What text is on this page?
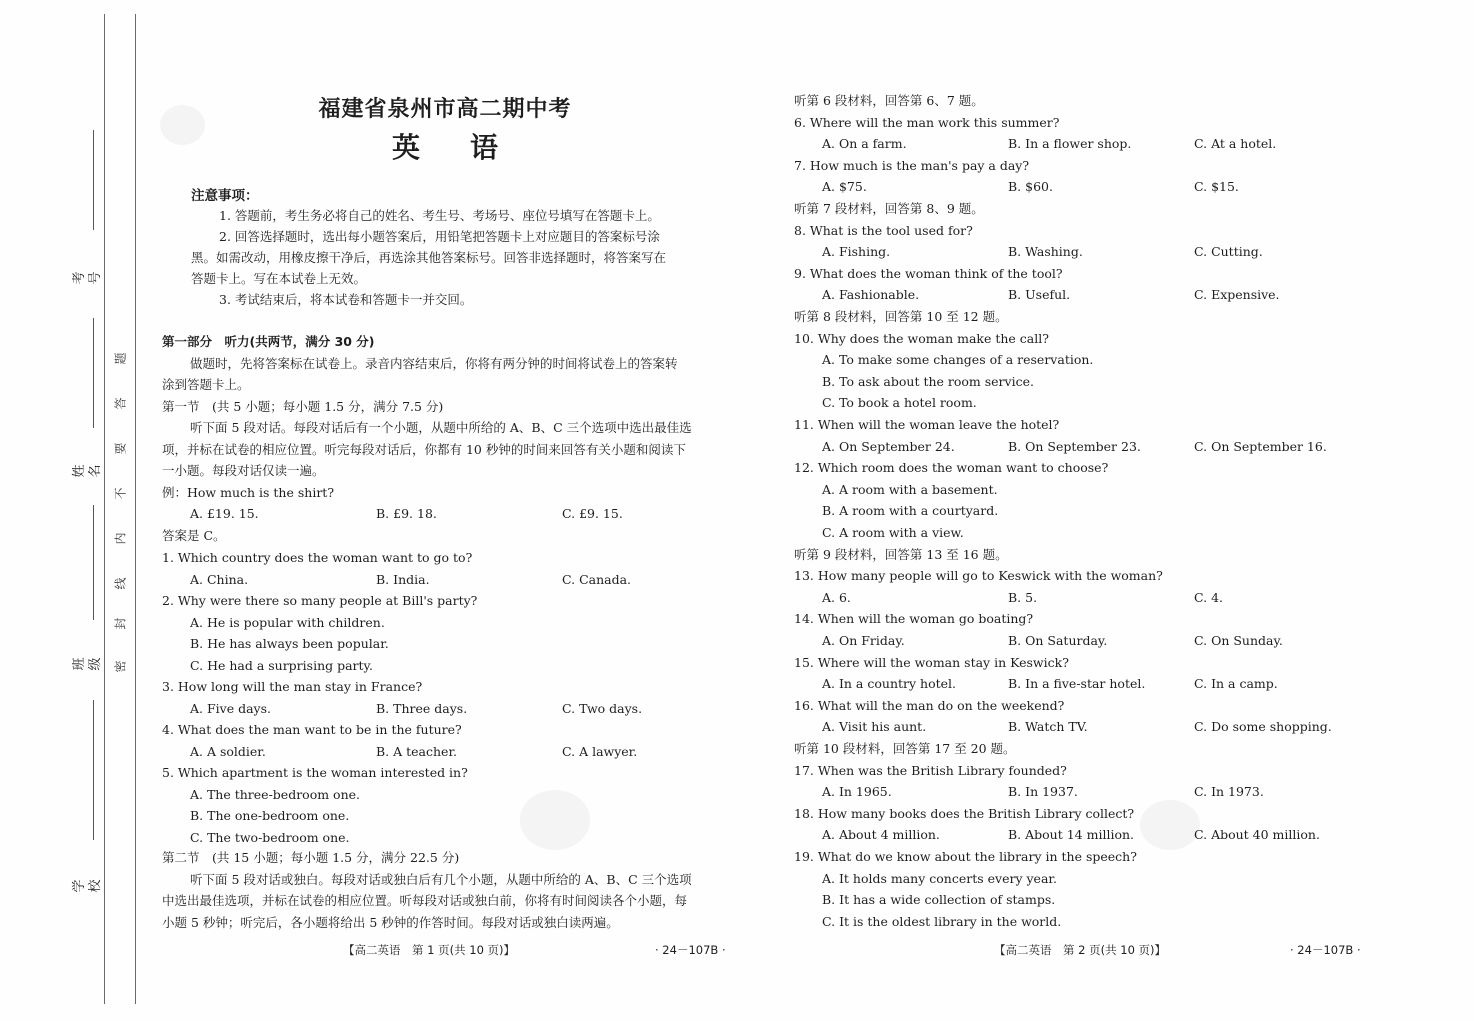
考号
姓名
班级
学校
题
答
要
不
内
线
封
密
福建省泉州市高二期中考
英语
注意事项：
1. 答题前，考生务必将自己的姓名、考生号、考场号、座位号填写在答题卡上。
2. 回答选择题时，选出每小题答案后，用铅笔把答题卡上对应题目的答案标号涂
黑。如需改动，用橡皮擦干净后，再选涂其他答案标号。回答非选择题时，将答案写在
答题卡上。写在本试卷上无效。
3. 考试结束后，将本试卷和答题卡一并交回。
第一部分　听力(共两节，满分 30 分)
做题时，先将答案标在试卷上。录音内容结束后，你将有两分钟的时间将试卷上的答案转
涂到答题卡上。
第一节　(共 5 小题；每小题 1.5 分，满分 7.5 分)
听下面 5 段对话。每段对话后有一个小题，从题中所给的 A、B、C 三个选项中选出最佳选
项，并标在试卷的相应位置。听完每段对话后，你都有 10 秒钟的时间来回答有关小题和阅读下
一小题。每段对话仅读一遍。
例：How much is the shirt?
A. £19. 15.	B. £9. 18.	C. £9. 15.
答案是 C。
1. Which country does the woman want to go to?
A. China.	B. India.	C. Canada.
2. Why were there so many people at Bill's party?
A. He is popular with children.
B. He has always been popular.
C. He had a surprising party.
3. How long will the man stay in France?
A. Five days.	B. Three days.	C. Two days.
4. What does the man want to be in the future?
A. A soldier.	B. A teacher.	C. A lawyer.
5. Which apartment is the woman interested in?
A. The three-bedroom one.
B. The one-bedroom one.
C. The two-bedroom one.
第二节　(共 15 小题；每小题 1.5 分，满分 22.5 分)
听下面 5 段对话或独白。每段对话或独白后有几个小题，从题中所给的 A、B、C 三个选项
中选出最佳选项，并标在试卷的相应位置。听每段对话或独白前，你将有时间阅读各个小题，每
小题 5 秒钟；听完后，各小题将给出 5 秒钟的作答时间。每段对话或独白读两遍。
听第 6 段材料，回答第 6、7 题。
6. Where will the man work this summer?
A. On a farm.	B. In a flower shop.	C. At a hotel.
7. How much is the man's pay a day?
A. $75.	B. $60.	C. $15.
听第 7 段材料，回答第 8、9 题。
8. What is the tool used for?
A. Fishing.	B. Washing.	C. Cutting.
9. What does the woman think of the tool?
A. Fashionable.	B. Useful.	C. Expensive.
听第 8 段材料，回答第 10 至 12 题。
10. Why does the woman make the call?
A. To make some changes of a reservation.
B. To ask about the room service.
C. To book a hotel room.
11. When will the woman leave the hotel?
A. On September 24.	B. On September 23.	C. On September 16.
12. Which room does the woman want to choose?
A. A room with a basement.
B. A room with a courtyard.
C. A room with a view.
听第 9 段材料，回答第 13 至 16 题。
13. How many people will go to Keswick with the woman?
A. 6.	B. 5.	C. 4.
14. When will the woman go boating?
A. On Friday.	B. On Saturday.	C. On Sunday.
15. Where will the woman stay in Keswick?
A. In a country hotel.	B. In a five-star hotel.	C. In a camp.
16. What will the man do on the weekend?
A. Visit his aunt.	B. Watch TV.	C. Do some shopping.
听第 10 段材料，回答第 17 至 20 题。
17. When was the British Library founded?
A. In 1965.	B. In 1937.	C. In 1973.
18. How many books does the British Library collect?
A. About 4 million.	B. About 14 million.	C. About 40 million.
19. What do we know about the library in the speech?
A. It holds many concerts every year.
B. It has a wide collection of stamps.
C. It is the oldest library in the world.
【高二英语　第 1 页(共 10 页)】	· 24－107B ·	【高二英语　第 2 页(共 10 页)】	· 24－107B ·
